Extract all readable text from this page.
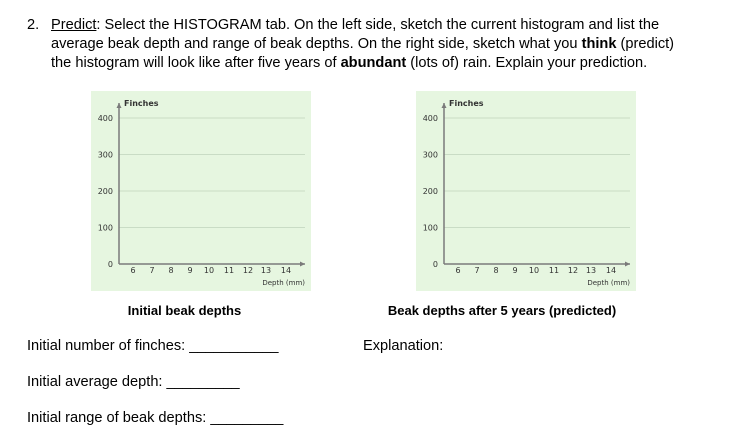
2. Predict: Select the HISTOGRAM tab. On the left side, sketch the current histogram and list the
average beak depth and range of beak depths. On the right side, sketch what you think (predict)
the histogram will look like after five years of abundant (lots of) rain. Explain your prediction.
0
100
200
300
400
Finches
Depth (mm)
6 7 8 9 10 11 12 13 14
0
100
200
300
400
Finches
Depth (mm)
6 7 8 9 10 11 12 13 14
Initial beak depths	Beak depths after 5 years (predicted)
Initial number of finches: ___________
Initial average depth: _________
Initial range of beak depths: _________
Explanation:
